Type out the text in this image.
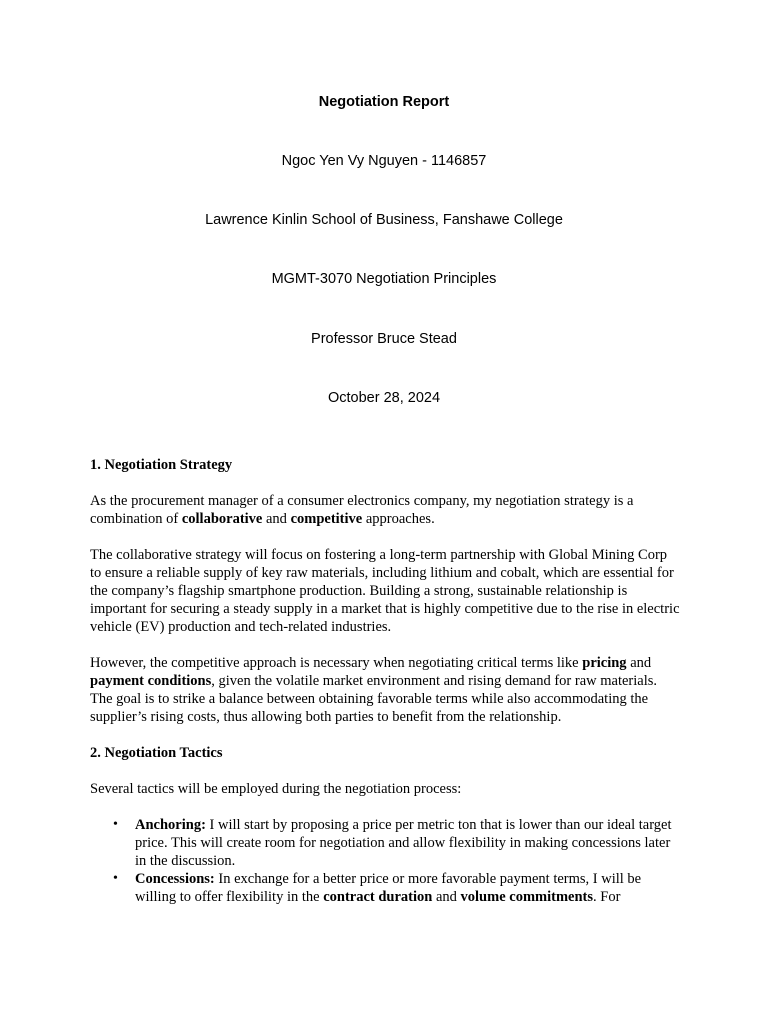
Negotiation Report
Ngoc Yen Vy Nguyen - 1146857
Lawrence Kinlin School of Business, Fanshawe College
MGMT-3070 Negotiation Principles
Professor Bruce Stead
October 28, 2024

1. Negotiation Strategy

As the procurement manager of a consumer electronics company, my negotiation strategy is a combination of collaborative and competitive approaches.

The collaborative strategy will focus on fostering a long-term partnership with Global Mining Corp to ensure a reliable supply of key raw materials, including lithium and cobalt, which are essential for the company’s flagship smartphone production. Building a strong, sustainable relationship is important for securing a steady supply in a market that is highly competitive due to the rise in electric vehicle (EV) production and tech-related industries.

However, the competitive approach is necessary when negotiating critical terms like pricing and payment conditions, given the volatile market environment and rising demand for raw materials. The goal is to strike a balance between obtaining favorable terms while also accommodating the supplier’s rising costs, thus allowing both parties to benefit from the relationship.

2. Negotiation Tactics

Several tactics will be employed during the negotiation process:

• Anchoring: I will start by proposing a price per metric ton that is lower than our ideal target price. This will create room for negotiation and allow flexibility in making concessions later in the discussion.
• Concessions: In exchange for a better price or more favorable payment terms, I will be willing to offer flexibility in the contract duration and volume commitments. For
